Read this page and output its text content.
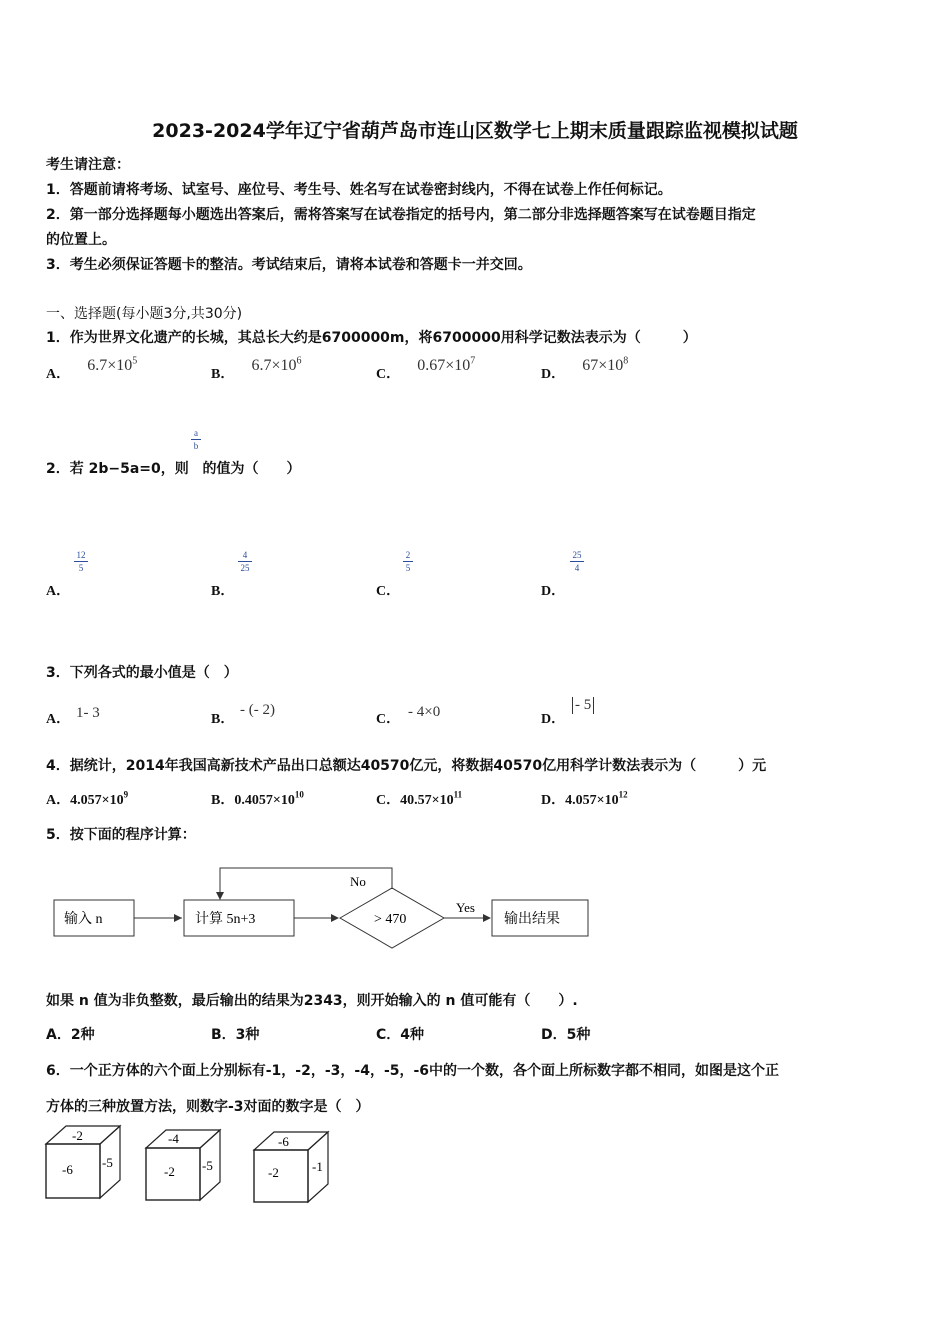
2023-2024学年辽宁省葫芦岛市连山区数学七上期末质量跟踪监视模拟试题
考生请注意：
1．答题前请将考场、试室号、座位号、考生号、姓名写在试卷密封线内，不得在试卷上作任何标记。
2．第一部分选择题每小题选出答案后，需将答案写在试卷指定的括号内，第二部分非选择题答案写在试卷题目指定
的位置上。
3．考生必须保证答题卡的整洁。考试结束后，请将本试卷和答题卡一并交回。
一、选择题(每小题3分,共30分)
1．作为世界文化遗产的长城，其总长大约是6700000m，将6700000用科学记数法表示为（　　　）
A． $6.7\times 10^5$
B． $6.7\times 10^6$
C． $0.67\times 10^7$
D． $67\times 10^8$
a
b
2．若 2b−5a=0，则 的值为（　　）
A．
12
5
B．
4
25
C．
2
5
D．
25
4
3．下列各式的最小值是（　）
A． 1- 3	B．
- (- 2)
C． - 4×0	D．
- 5
4．据统计，2014年我国高新技术产品出口总额达40570亿元，将数据40570亿用科学计数法表示为（　　　）元
A．$4.057\times 10^9$	B．$0.4057\times 10^{10}$	C．$40.57\times 10^{11}$	D．$4.057\times 10^{12}$
5．按下面的程序计算：
输入 n	计算 5n+3	> 470
No
Yes
输出结果
如果 n 值为非负整数，最后输出的结果为2343，则开始输入的 n 值可能有（　　）.
A．2种	B．3种	C．4种	D．5种
6．一个正方体的六个面上分别标有-1，-2，-3，-4，-5，-6中的一个数，各个面上所标数字都不相同，如图是这个正
方体的三种放置方法，则数字-3对面的数字是（　）
-2
-6 -5
-4
-2 -5
-6
-2	-1
